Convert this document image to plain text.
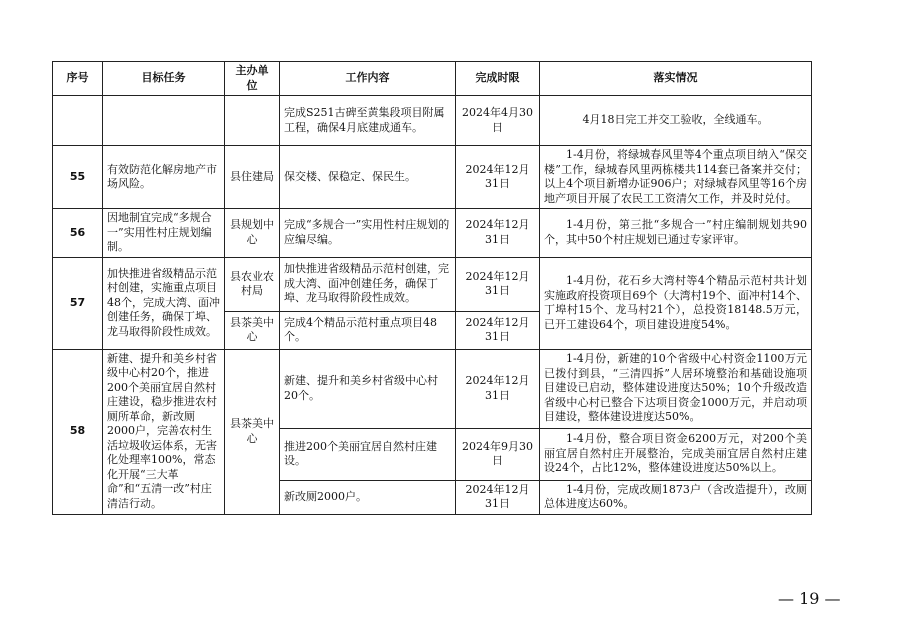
序号	目标任务	主办单位	工作内容	完成时限	落实情况
			完成S251古碑至黄集段项目附属工程，确保4月底建成通车。	2024年4月30日	4月18日完工并交工验收，全线通车。
55	有效防范化解房地产市场风险。	县住建局	保交楼、保稳定、保民生。	2024年12月31日	1-4月份，将绿城春风里等4个重点项目纳入“保交楼”工作，绿城春风里两栋楼共114套已备案并交付；以上4个项目新增办证906户；对绿城春风里等16个房地产项目开展了农民工工资清欠工作，并及时兑付。
56	因地制宜完成“多规合一”实用性村庄规划编制。	县规划中心	完成“多规合一”实用性村庄规划的应编尽编。	2024年12月31日	1-4月份，第三批“多规合一”村庄编制规划共90个，其中50个村庄规划已通过专家评审。
57	加快推进省级精品示范村创建，实施重点项目48个，完成大湾、面冲创建任务，确保丁埠、龙马取得阶段性成效。	县农业农村局	加快推进省级精品示范村创建，完成大湾、面冲创建任务，确保丁埠、龙马取得阶段性成效。	2024年12月31日	1-4月份，花石乡大湾村等4个精品示范村共计划实施政府投资项目69个（大湾村19个、面冲村14个、丁埠村15个、龙马村21个），总投资18148.5万元，已开工建设64个，项目建设进度54%。
		县茶美中心	完成4个精品示范村重点项目48个。	2024年12月31日	
58	新建、提升和美乡村省级中心村20个，推进200个美丽宜居自然村庄建设，稳步推进农村厕所革命，新改厕2000户，完善农村生活垃圾收运体系，无害化处理率100%，常态化开展“三大革命”和“五清一改”村庄清洁行动。	县茶美中心	新建、提升和美乡村省级中心村20个。	2024年12月31日	1-4月份，新建的10个省级中心村资金1100万元已拨付到县，“三清四拆”人居环境整治和基础设施项目建设已启动，整体建设进度达50%；10个升级改造省级中心村已整合下达项目资金1000万元，并启动项目建设，整体建设进度达50%。
			推进200个美丽宜居自然村庄建设。	2024年9月30日	1-4月份，整合项目资金6200万元，对200个美丽宜居自然村庄开展整治，完成美丽宜居自然村庄建设24个，占比12%，整体建设进度达50%以上。
			新改厕2000户。	2024年12月31日	1-4月份，完成改厕1873户（含改造提升），改厕总体进度达60%。
— 19 —
